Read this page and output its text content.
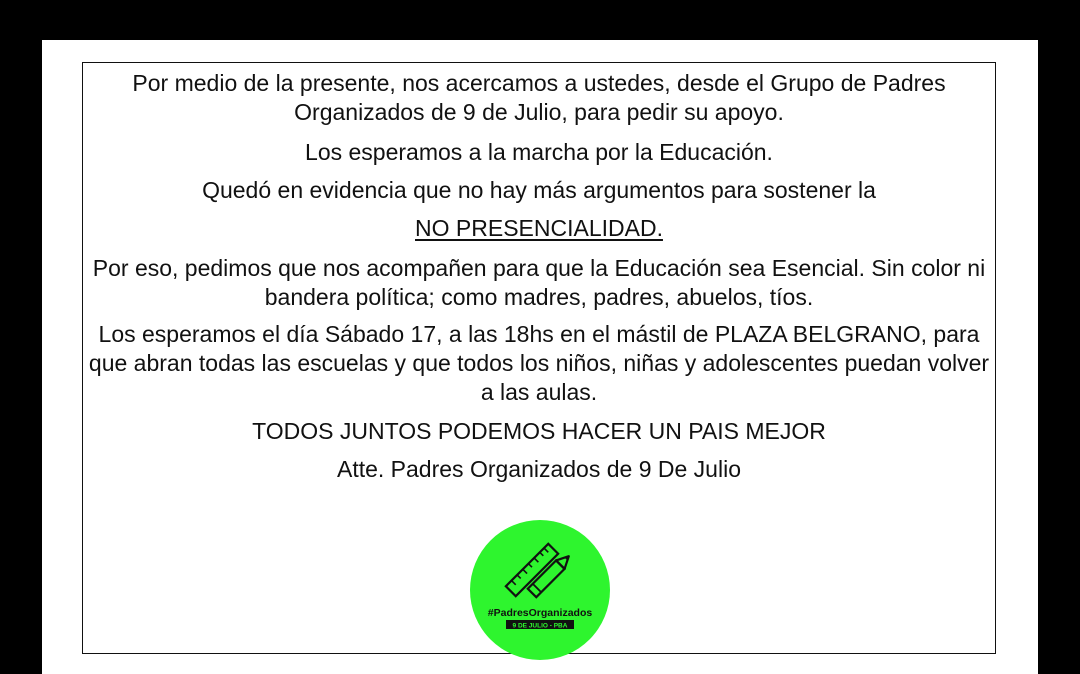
Por medio de la presente, nos acercamos a ustedes, desde el Grupo de Padres Organizados de 9 de Julio, para pedir su apoyo.

Los esperamos a la marcha por la Educación.

Quedó en evidencia que no hay más argumentos para sostener la

NO PRESENCIALIDAD.

Por eso, pedimos que nos acompañen para que la Educación sea Esencial. Sin color ni bandera política; como madres, padres, abuelos, tíos.

Los esperamos el día Sábado 17, a las 18hs en el mástil de PLAZA BELGRANO, para que abran todas las escuelas y que todos los niños, niñas y adolescentes puedan volver a las aulas.

TODOS JUNTOS PODEMOS HACER UN PAIS MEJOR

Atte. Padres Organizados de 9 De Julio

#PadresOrganizados
9 DE JULIO - PBA
